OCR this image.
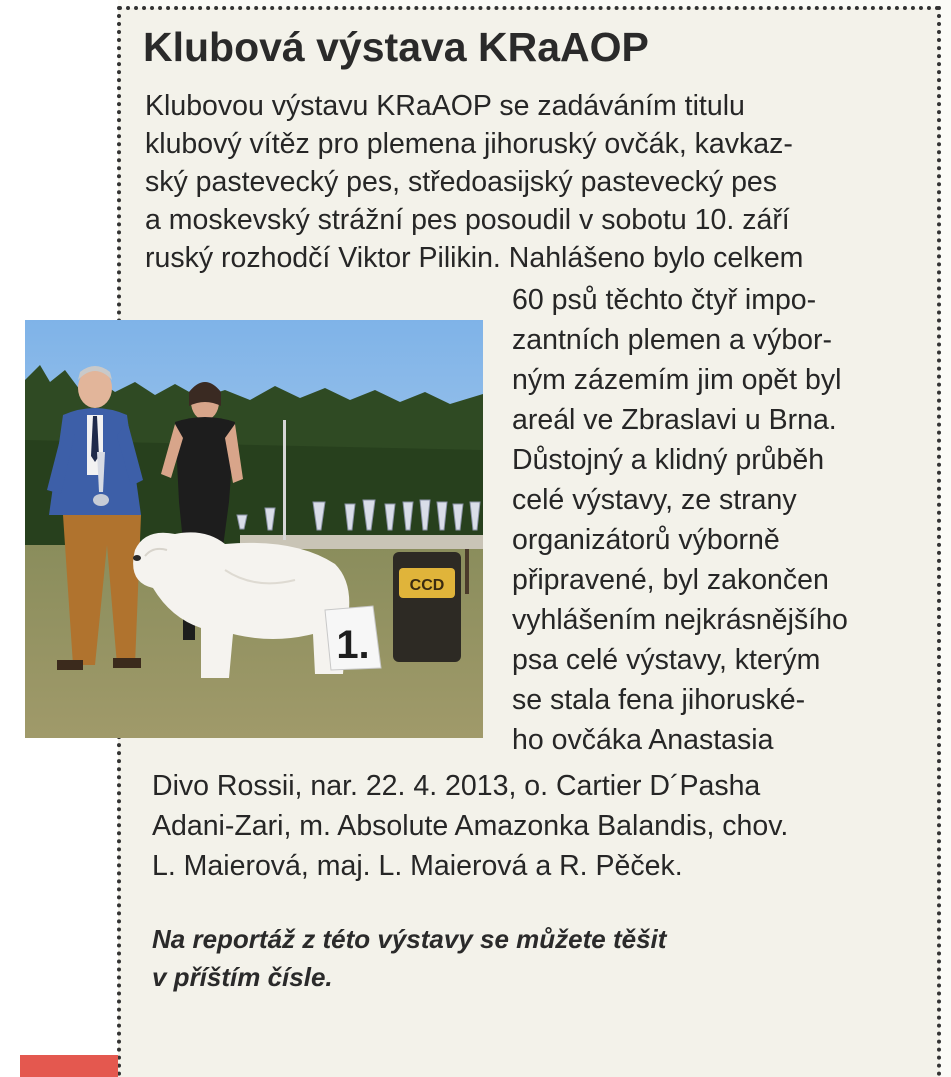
Klubová výstava KRaAOP
Klubovou výstavu KRaAOP se zadáváním titulu
klubový vítěz pro plemena jihoruský ovčák, kavkaz-
ský pastevecký pes, středoasijský pastevecký pes
a moskevský strážní pes posoudil v sobotu 10. září
ruský rozhodčí Viktor Pilikin. Nahlášeno bylo celkem
60 psů těchto čtyř impo-
zantních plemen a výbor-
ným zázemím jim opět byl
areál ve Zbraslavi u Brna.
Důstojný a klidný průběh
celé výstavy, ze strany
organizátorů výborně
připravené, byl zakončen
vyhlášením nejkrásnějšího
psa celé výstavy, kterým
se stala fena jihoruské-
ho ovčáka Anastasia
Divo Rossii, nar. 22. 4. 2013, o. Cartier D´Pasha
Adani-Zari, m. Absolute Amazonka Balandis, chov.
L. Maierová, maj. L. Maierová a R. Pěček.
Na reportáž z této výstavy se můžete těšit
v příštím čísle.
CCD
1.
